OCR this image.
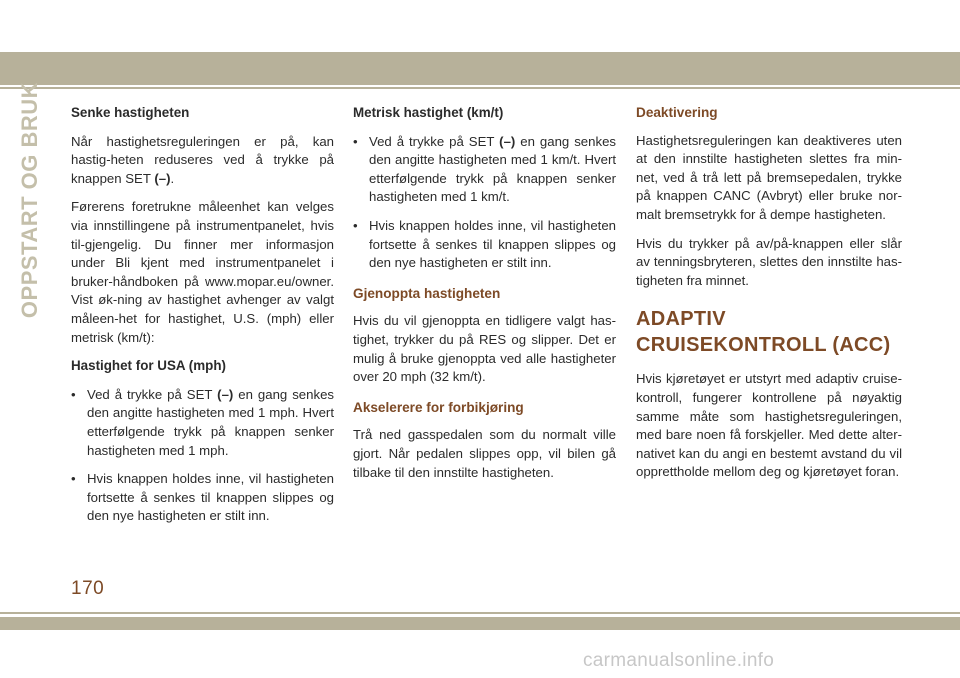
OPPSTART OG BRUK Senke hastigheten

Når hastighetsreguleringen er på, kan hastig-heten reduseres ved å trykke på knappen SET (–).

Førerens foretrukne måleenhet kan velges via innstillingene på instrumentpanelet, hvis til-gjengelig. Du finner mer informasjon under Bli kjent med instrumentpanelet i bruker-håndboken på www.mopar.eu/owner. Vist øk-ning av hastighet avhenger av valgt måleen-het for hastighet, U.S. (mph) eller metrisk (km/t):

Hastighet for USA (mph)
• Ved å trykke på SET (–) en gang senkes den angitte hastigheten med 1 mph. Hvert etterfølgende trykk på knappen senker hastigheten med 1 mph.
• Hvis knappen holdes inne, vil hastigheten fortsette å senkes til knappen slippes og den nye hastigheten er stilt inn.
Metrisk hastighet (km/t)
• Ved å trykke på SET (–) en gang senkes den angitte hastigheten med 1 km/t. Hvert etterfølgende trykk på knappen senker hastigheten med 1 km/t.
• Hvis knappen holdes inne, vil hastigheten fortsette å senkes til knappen slippes og den nye hastigheten er stilt inn.
Gjenoppta hastigheten

Hvis du vil gjenoppta en tidligere valgt has-tighet, trykker du på RES og slipper. Det er mulig å bruke gjenoppta ved alle hastigheter over 20 mph (32 km/t).

Akselerere for forbikjøring

Trå ned gasspedalen som du normalt ville gjort. Når pedalen slippes opp, vil bilen gå tilbake til den innstilte hastigheten.

Deaktivering

Hastighetsreguleringen kan deaktiveres uten at den innstilte hastigheten slettes fra min-net, ved å trå lett på bremsepedalen, trykke på knappen CANC (Avbryt) eller bruke nor-malt bremsetrykk for å dempe hastigheten.

Hvis du trykker på av/på-knappen eller slår av tenningsbryteren, slettes den innstilte has-tigheten fra minnet.

ADAPTIV
CRUISEKONTROLL (ACC)

Hvis kjøretøyet er utstyrt med adaptiv cruise-kontroll, fungerer kontrollene på nøyaktig samme måte som hastighetsreguleringen, med bare noen få forskjeller. Med dette alter-nativet kan du angi en bestemt avstand du vil opprettholde mellom deg og kjøretøyet foran.

170
carmanualsonline.info
